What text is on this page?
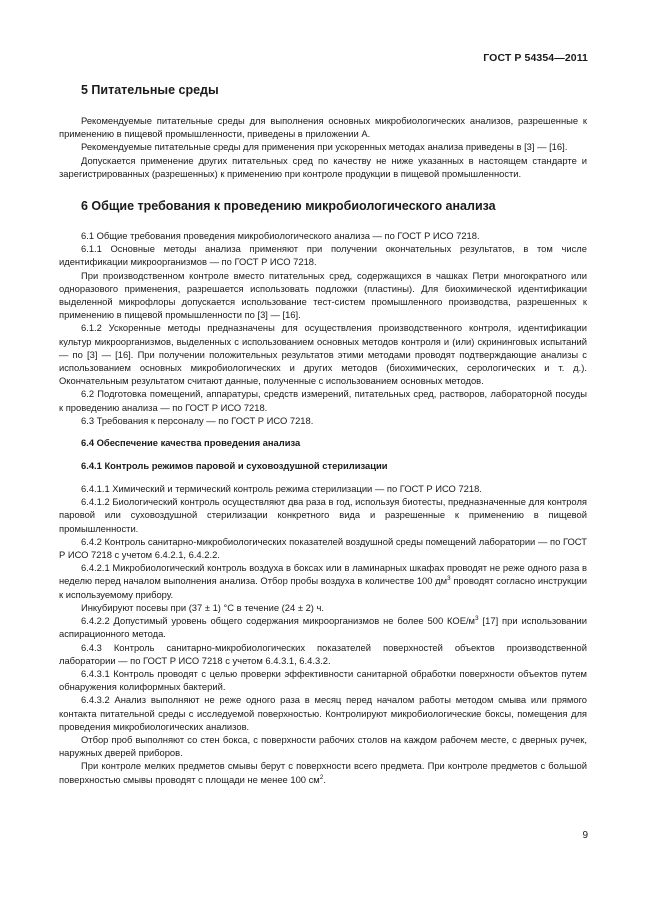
ГОСТ Р 54354—2011
5 Питательные среды

Рекомендуемые питательные среды для выполнения основных микробиологических анализов, разрешенные к применению в пищевой промышленности, приведены в приложении А.

Рекомендуемые питательные среды для применения при ускоренных методах анализа приведены в [3] — [16].

Допускается применение других питательных сред по качеству не ниже указанных в настоящем стандарте и зарегистрированных (разрешенных) к применению при контроле продукции в пищевой промышленности.

6 Общие требования к проведению микробиологического анализа

6.1 Общие требования проведения микробиологического анализа — по ГОСТ Р ИСО 7218.

6.1.1 Основные методы анализа применяют при получении окончательных результатов, в том числе идентификации микроорганизмов — по ГОСТ Р ИСО 7218.

При производственном контроле вместо питательных сред, содержащихся в чашках Петри многократного или одноразового применения, разрешается использовать подложки (пластины). Для биохимической идентификации выделенной микрофлоры допускается использование тест-систем промышленного производства, разрешенных к применению в пищевой промышленности по [3] — [16].

6.1.2 Ускоренные методы предназначены для осуществления производственного контроля, идентификации культур микроорганизмов, выделенных с использованием основных методов контроля и (или) скрининговых испытаний — по [3] — [16]. При получении положительных результатов этими методами проводят подтверждающие анализы с использованием основных микробиологических и других методов (биохимических, серологических и т. д.). Окончательным результатом считают данные, полученные с использованием основных методов.

6.2 Подготовка помещений, аппаратуры, средств измерений, питательных сред, растворов, лабораторной посуды к проведению анализа — по ГОСТ Р ИСО 7218.

6.3 Требования к персоналу — по ГОСТ Р ИСО 7218.

6.4 Обеспечение качества проведения анализа
6.4.1 Контроль режимов паровой и суховоздушной стерилизации

6.4.1.1 Химический и термический контроль режима стерилизации — по ГОСТ Р ИСО 7218.

6.4.1.2 Биологический контроль осуществляют два раза в год, используя биотесты, предназначенные для контроля паровой или суховоздушной стерилизации конкретного вида и разрешенные к применению в пищевой промышленности.

6.4.2 Контроль санитарно-микробиологических показателей воздушной среды помещений лаборатории — по ГОСТ Р ИСО 7218 с учетом 6.4.2.1, 6.4.2.2.

6.4.2.1 Микробиологический контроль воздуха в боксах или в ламинарных шкафах проводят не реже одного раза в неделю перед началом выполнения анализа. Отбор пробы воздуха в количестве 100 $дм^3$ проводят согласно инструкции к используемому прибору.

Инкубируют посевы при (37 ± 1) °С в течение (24 ± 2) ч.

6.4.2.2 Допустимый уровень общего содержания микроорганизмов не более 500 КОЕ/$м^3$ [17] при использовании аспирационного метода.

6.4.3 Контроль санитарно-микробиологических показателей поверхностей объектов производственной лаборатории — по ГОСТ Р ИСО 7218 с учетом 6.4.3.1, 6.4.3.2.

6.4.3.1 Контроль проводят с целью проверки эффективности санитарной обработки поверхности объектов путем обнаружения колиформных бактерий.

6.4.3.2 Анализ выполняют не реже одного раза в месяц перед началом работы методом смыва или прямого контакта питательной среды с исследуемой поверхностью. Контролируют микробиологические боксы, помещения для проведения микробиологических анализов.

Отбор проб выполняют со стен бокса, с поверхности рабочих столов на каждом рабочем месте, с дверных ручек, наружных дверей приборов.

При контроле мелких предметов смывы берут с поверхности всего предмета. При контроле предметов с большой поверхностью смывы проводят с площади не менее 100 $см^2$.

9
